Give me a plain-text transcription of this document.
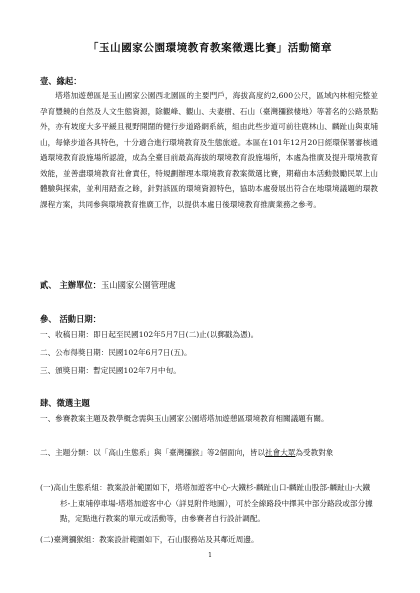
「玉山國家公園環境教育教案徵選比賽」活動簡章
壹、緣起：

塔塔加遊憩區是玉山國家公園西北園區的主要門戶，海拔高度約2,600公尺，區域內林相完整並孕育豐饒的自然及人文生態資源，除觀峰、觀山、夫妻樹、石山（臺灣獼猴棲地）等著名的公路景點外，亦有坡度大多平緩且視野開闊的健行步道路網系統，組由此些步道可前往鹿林山、麟趾山與東埔山，每條步道各具特色，十分適合進行環境教育及生態旅遊。本區在101年12月20日經環保署審核通過環境教育設施場所認證，成為全臺目前最高海拔的環境教育設施場所，本處為推廣及提升環境教育效能，並善盡環境教育社會責任，特規劃辦理本環境教育教案徵選比賽，期藉由本活動鼓勵民眾上山體驗與探索，並利用踏查之餘，針對該區的環境資源特色，協助本處發展出符合在地環境議題的環教課程方案，共同參與環境教育推廣工作，以提供本處日後環境教育推廣業務之參考。

貳、 主辦單位：玉山國家公園管理處
參、 活動日期：
一、收稿日期：即日起至民國102年5月7日(二)止(以郵戳為憑)。
二、公布得獎日期：民國102年6月7日(五)。
三、頒獎日期：暫定民國102年7月中旬。
肆、徵選主題

一、參賽教案主題及教學概念需與玉山國家公園塔塔加遊憩區環境教育相關議題有關。

二、主題分類：以「高山生態系」與「臺灣獼猴」等2個面向，皆以社會大眾為受教對象

(一)高山生態系組：教案設計範圍如下，塔塔加遊客中心-大鐵杉-麟趾山口-麟趾山股部-麟趾山-大鐵杉-上東埔停車場-塔塔加遊客中心（詳見附件地圖），可於全線路段中擇其中部分路段或部分據點，定點進行教案的單元或活動等，由參賽者自行設計調配。

(二)臺灣獼猴組：教案設計範圍如下，石山服務站及其鄰近周邊。

1
